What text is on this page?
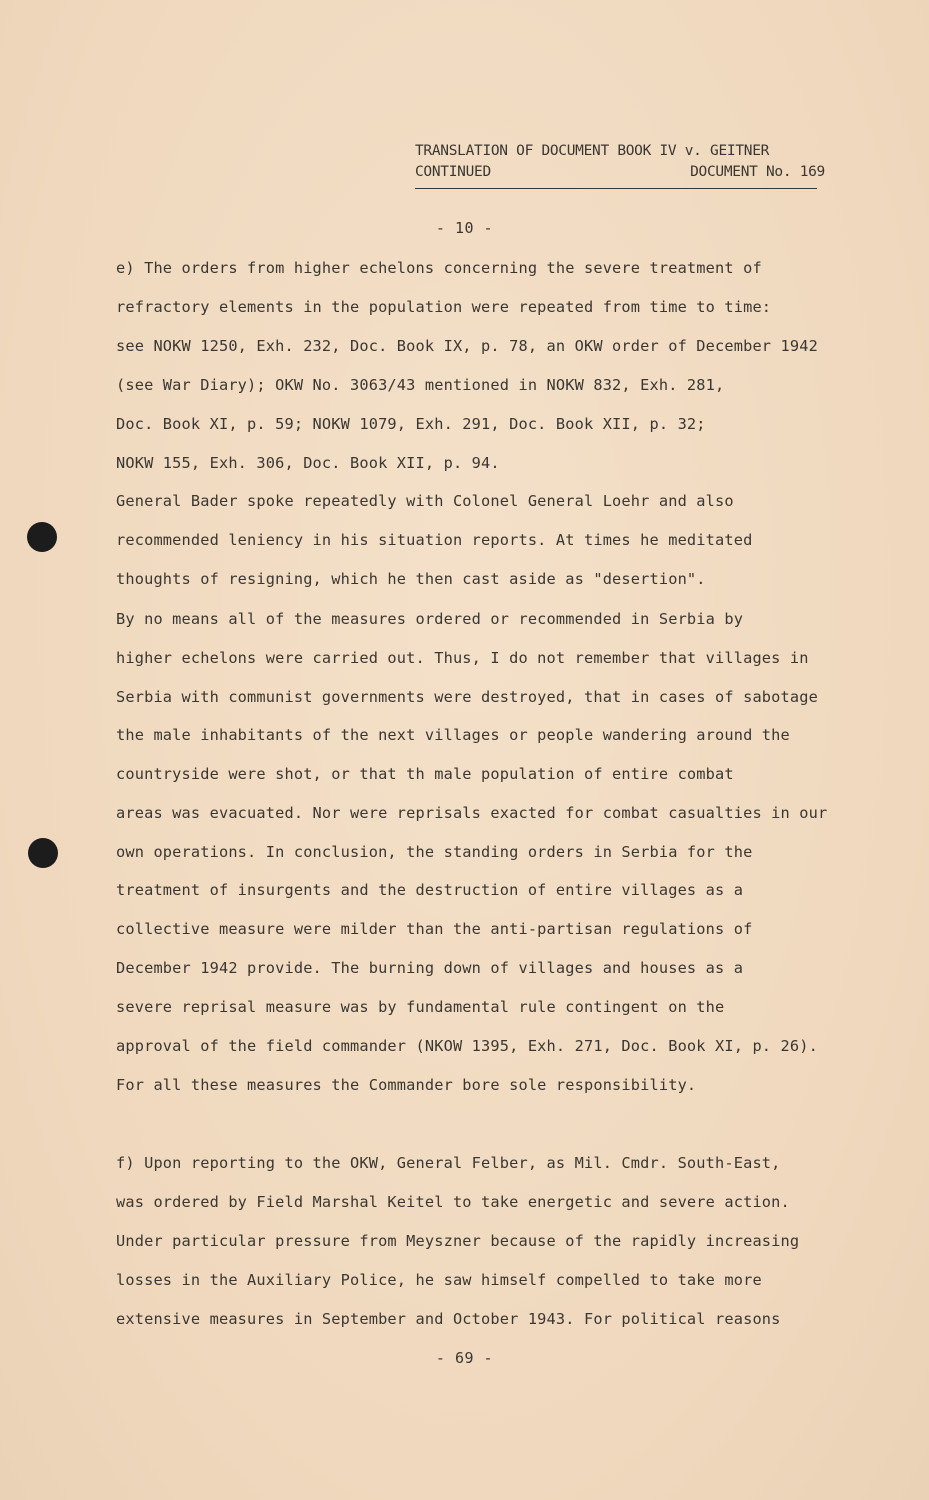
TRANSLATION OF DOCUMENT BOOK IV v. GEITNER
CONTINUED	DOCUMENT No. 169
- 10 -
e) The orders from higher echelons concerning the severe treatment of
refractory elements in the population were repeated from time to time:
see NOKW 1250, Exh. 232, Doc. Book IX, p. 78, an OKW order of December 1942
(see War Diary); OKW No. 3063/43 mentioned in NOKW 832, Exh. 281,
Doc. Book XI, p. 59; NOKW 1079, Exh. 291, Doc. Book XII, p. 32;
NOKW 155, Exh. 306, Doc. Book XII, p. 94.
General Bader spoke repeatedly with Colonel General Loehr and also
recommended leniency in his situation reports. At times he meditated
thoughts of resigning, which he then cast aside as "desertion".
By no means all of the measures ordered or recommended in Serbia by
higher echelons were carried out. Thus, I do not remember that villages in
Serbia with communist governments were destroyed, that in cases of sabotage
the male inhabitants of the next villages or people wandering around the
countryside were shot, or that th male population of entire combat
areas was evacuated. Nor were reprisals exacted for combat casualties in our
own operations. In conclusion, the standing orders in Serbia for the
treatment of insurgents and the destruction of entire villages as a
collective measure were milder than the anti-partisan regulations of
December 1942 provide. The burning down of villages and houses as a
severe reprisal measure was by fundamental rule contingent on the
approval of the field commander (NKOW 1395, Exh. 271, Doc. Book XI, p. 26).
For all these measures the Commander bore sole responsibility.
f) Upon reporting to the OKW, General Felber, as Mil. Cmdr. South-East,
was ordered by Field Marshal Keitel to take energetic and severe action.
Under particular pressure from Meyszner because of the rapidly increasing
losses in the Auxiliary Police, he saw himself compelled to take more
extensive measures in September and October 1943. For political reasons
- 69 -
